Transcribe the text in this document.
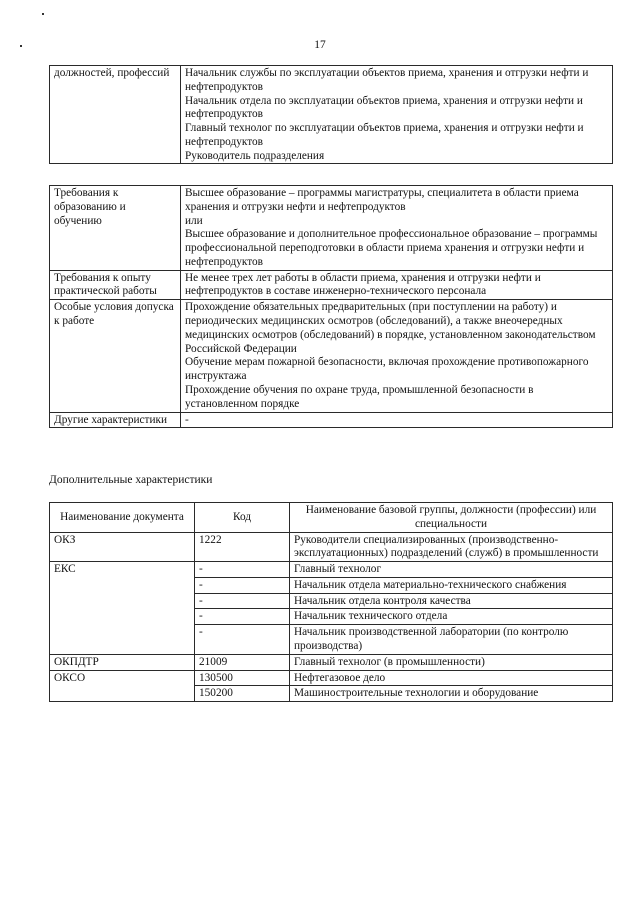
17
должностей, профессий	Начальник службы по эксплуатации объектов приема, хранения и отгрузки нефти и нефтепродуктов
Начальник отдела по эксплуатации объектов приема, хранения и отгрузки нефти и нефтепродуктов
Главный технолог по эксплуатации объектов приема, хранения и отгрузки нефти и нефтепродуктов
Руководитель подразделения
Требования к образованию и обучению	Высшее образование – программы магистратуры, специалитета в области приема хранения и отгрузки нефти и нефтепродуктов
или
Высшее образование и дополнительное профессиональное образование – программы профессиональной переподготовки в области приема хранения и отгрузки нефти и нефтепродуктов

Требования к опыту практической работы	Не менее трех лет работы в области приема, хранения и отгрузки нефти и нефтепродуктов в составе инженерно-технического персонала

Особые условия допуска к работе	Прохождение обязательных предварительных (при поступлении на работу) и периодических медицинских осмотров (обследований), а также внеочередных медицинских осмотров (обследований) в порядке, установленном законодательством Российской Федерации
Обучение мерам пожарной безопасности, включая прохождение противопожарного инструктажа
Прохождение обучения по охране труда, промышленной безопасности в установленном порядке

Другие характеристики	-
Дополнительные характеристики
Наименование документа	Код	Наименование базовой группы, должности (профессии) или специальности
ОКЗ	1222	Руководители специализированных (производственно-эксплуатационных) подразделений (служб) в промышленности
ЕКС	-	Главный технолог
	-	Начальник отдела материально-технического снабжения
	-	Начальник отдела контроля качества
	-	Начальник технического отдела
	-	Начальник производственной лаборатории (по контролю производства)
ОКПДТР	21009	Главный технолог (в промышленности)
ОКСО	130500	Нефтегазовое дело
	150200	Машиностроительные технологии и оборудование
